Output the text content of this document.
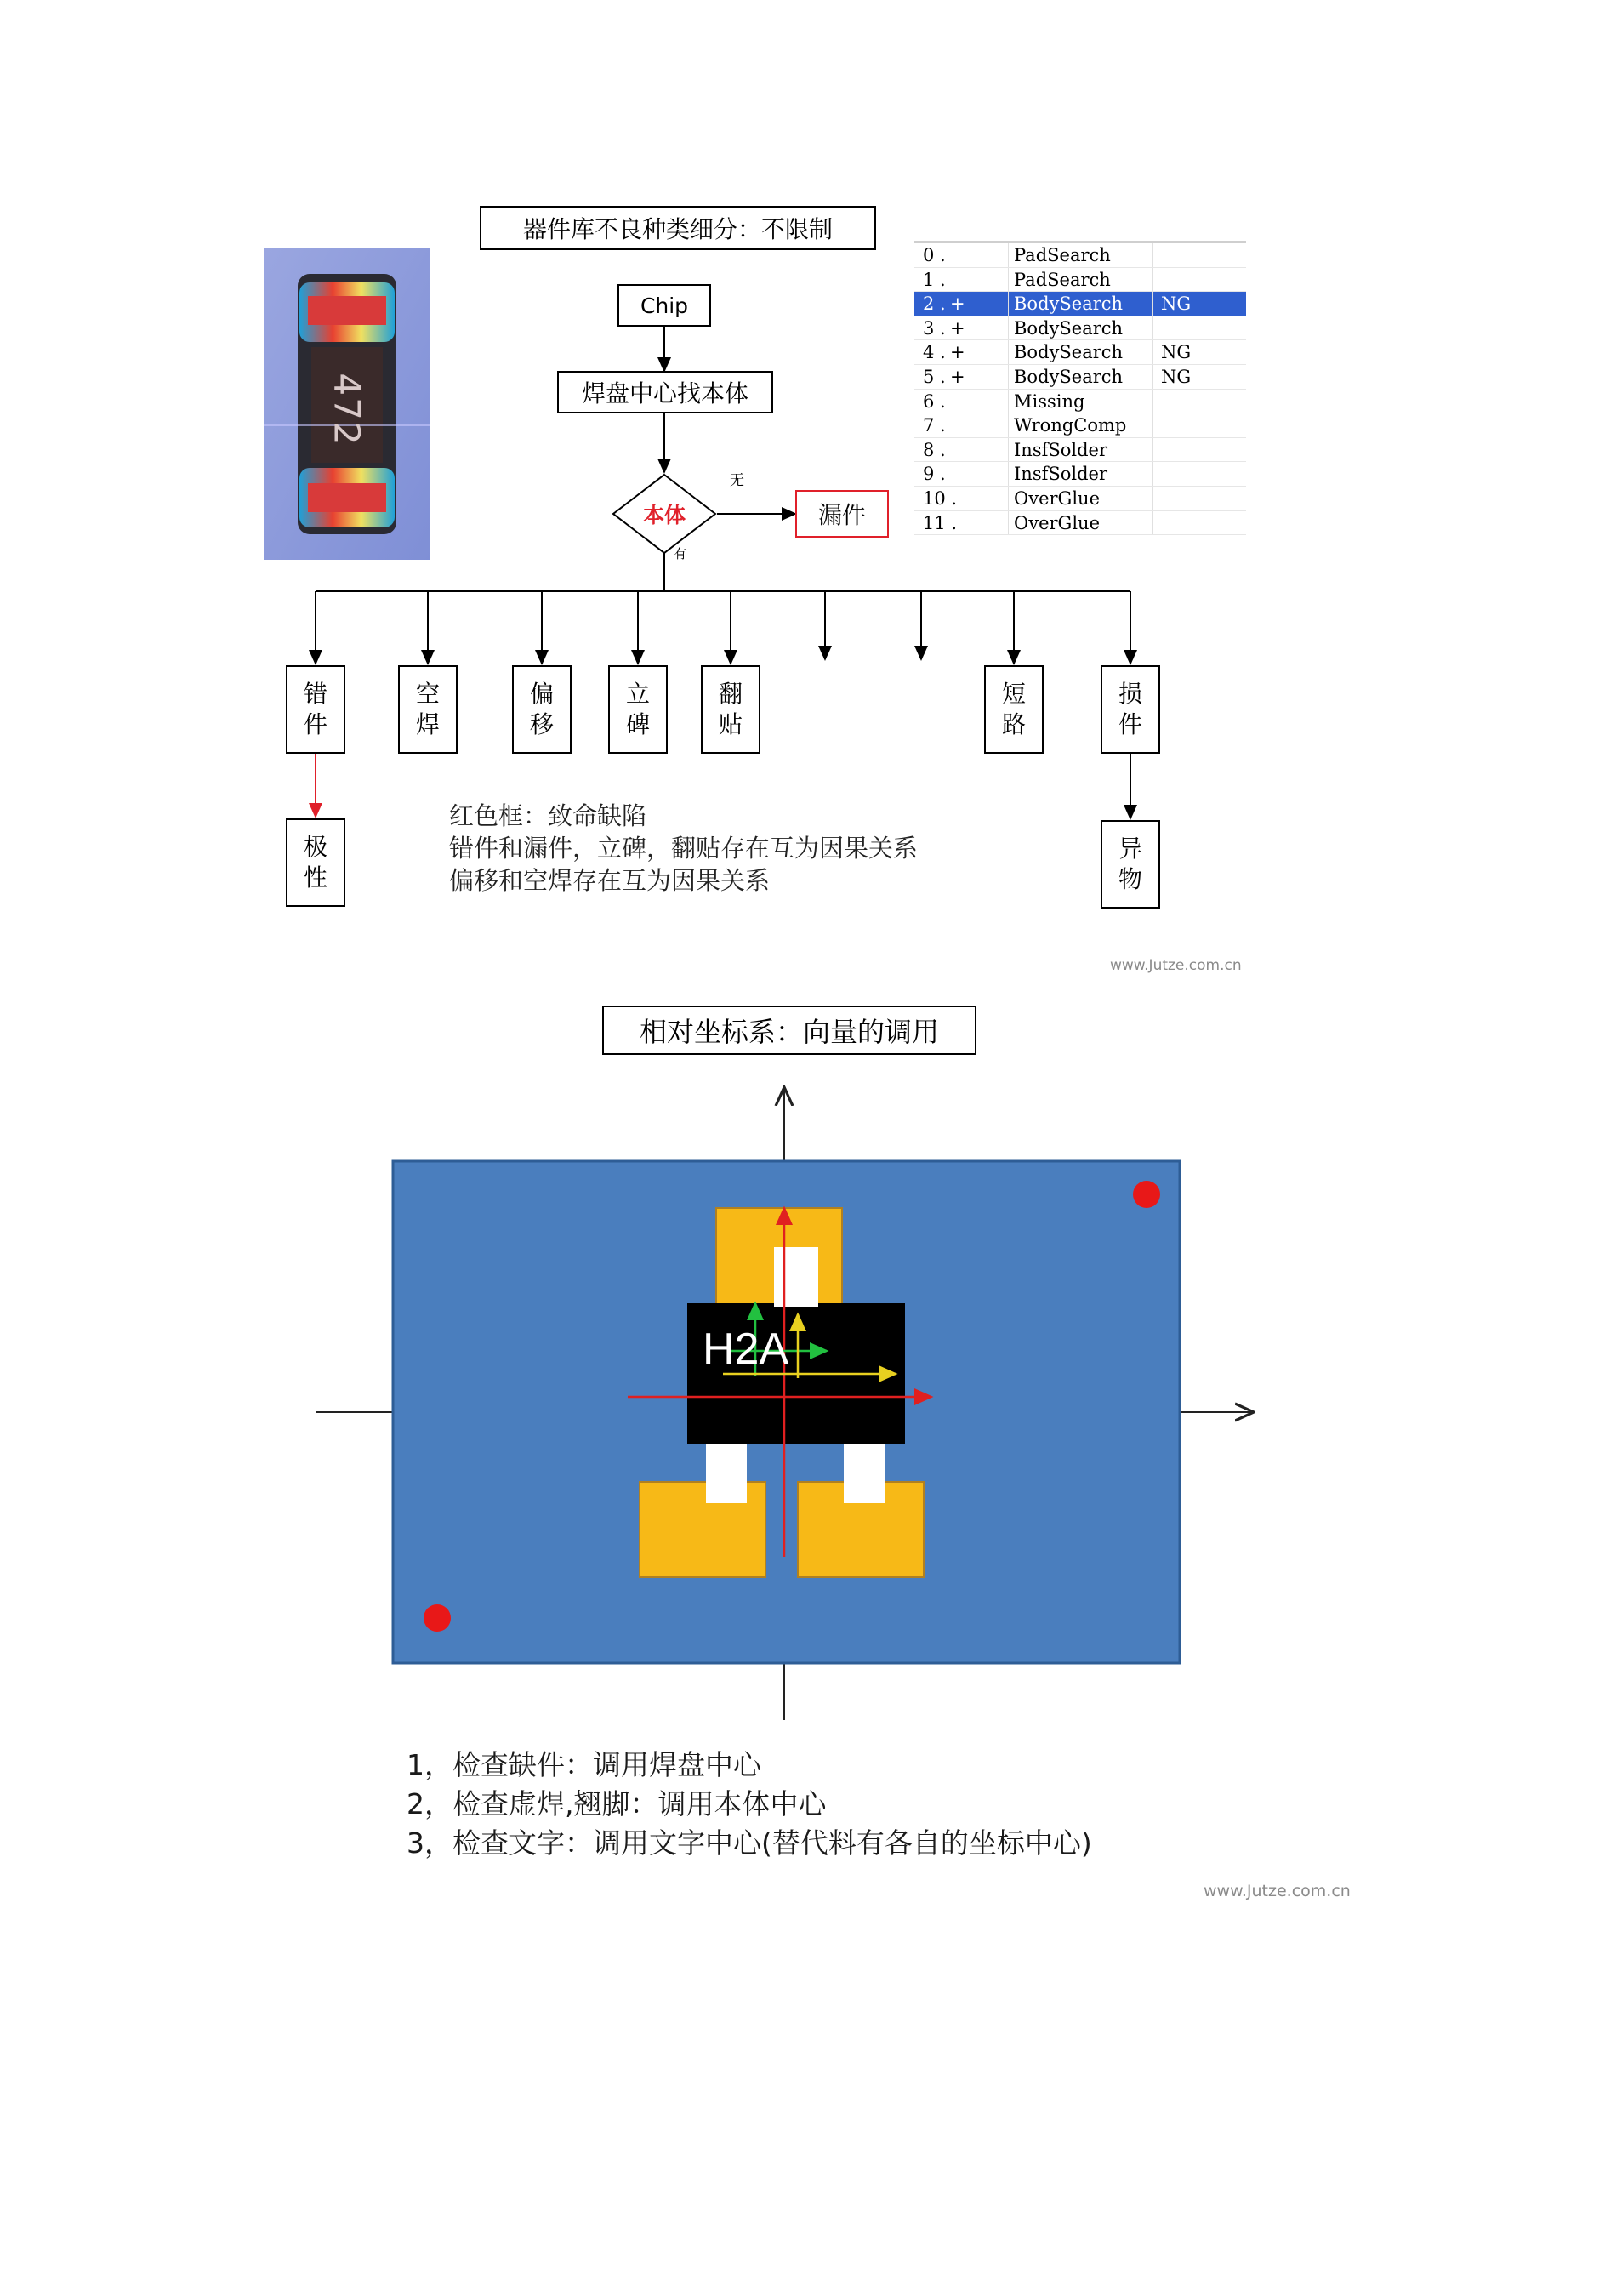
本体
无
有
器件库不良种类细分：不限制
Chip
焊盘中心找本体
漏件
错件
空焊
偏移
立碑
翻贴
短路
损件
极性
异物
红色框：致命缺陷
错件和漏件，立碑，翻贴存在互为因果关系
偏移和空焊存在互为因果关系
www.Jutze.com.cn
472
0 .	PadSearch
1 .	PadSearch
2 . +	BodySearch NG
3 . +	BodySearch
4 . +	BodySearch NG
5 . +	BodySearch NG
6 .	Missing
7 .	WrongComp
8 .	InsfSolder
9 .	InsfSolder
10 .	OverGlue
11 .	OverGlue
相对坐标系：向量的调用
H2A
1，检查缺件：调用焊盘中心
2，检查虚焊,翘脚：调用本体中心
3，检查文字：调用文字中心(替代料有各自的坐标中心)
www.Jutze.com.cn
